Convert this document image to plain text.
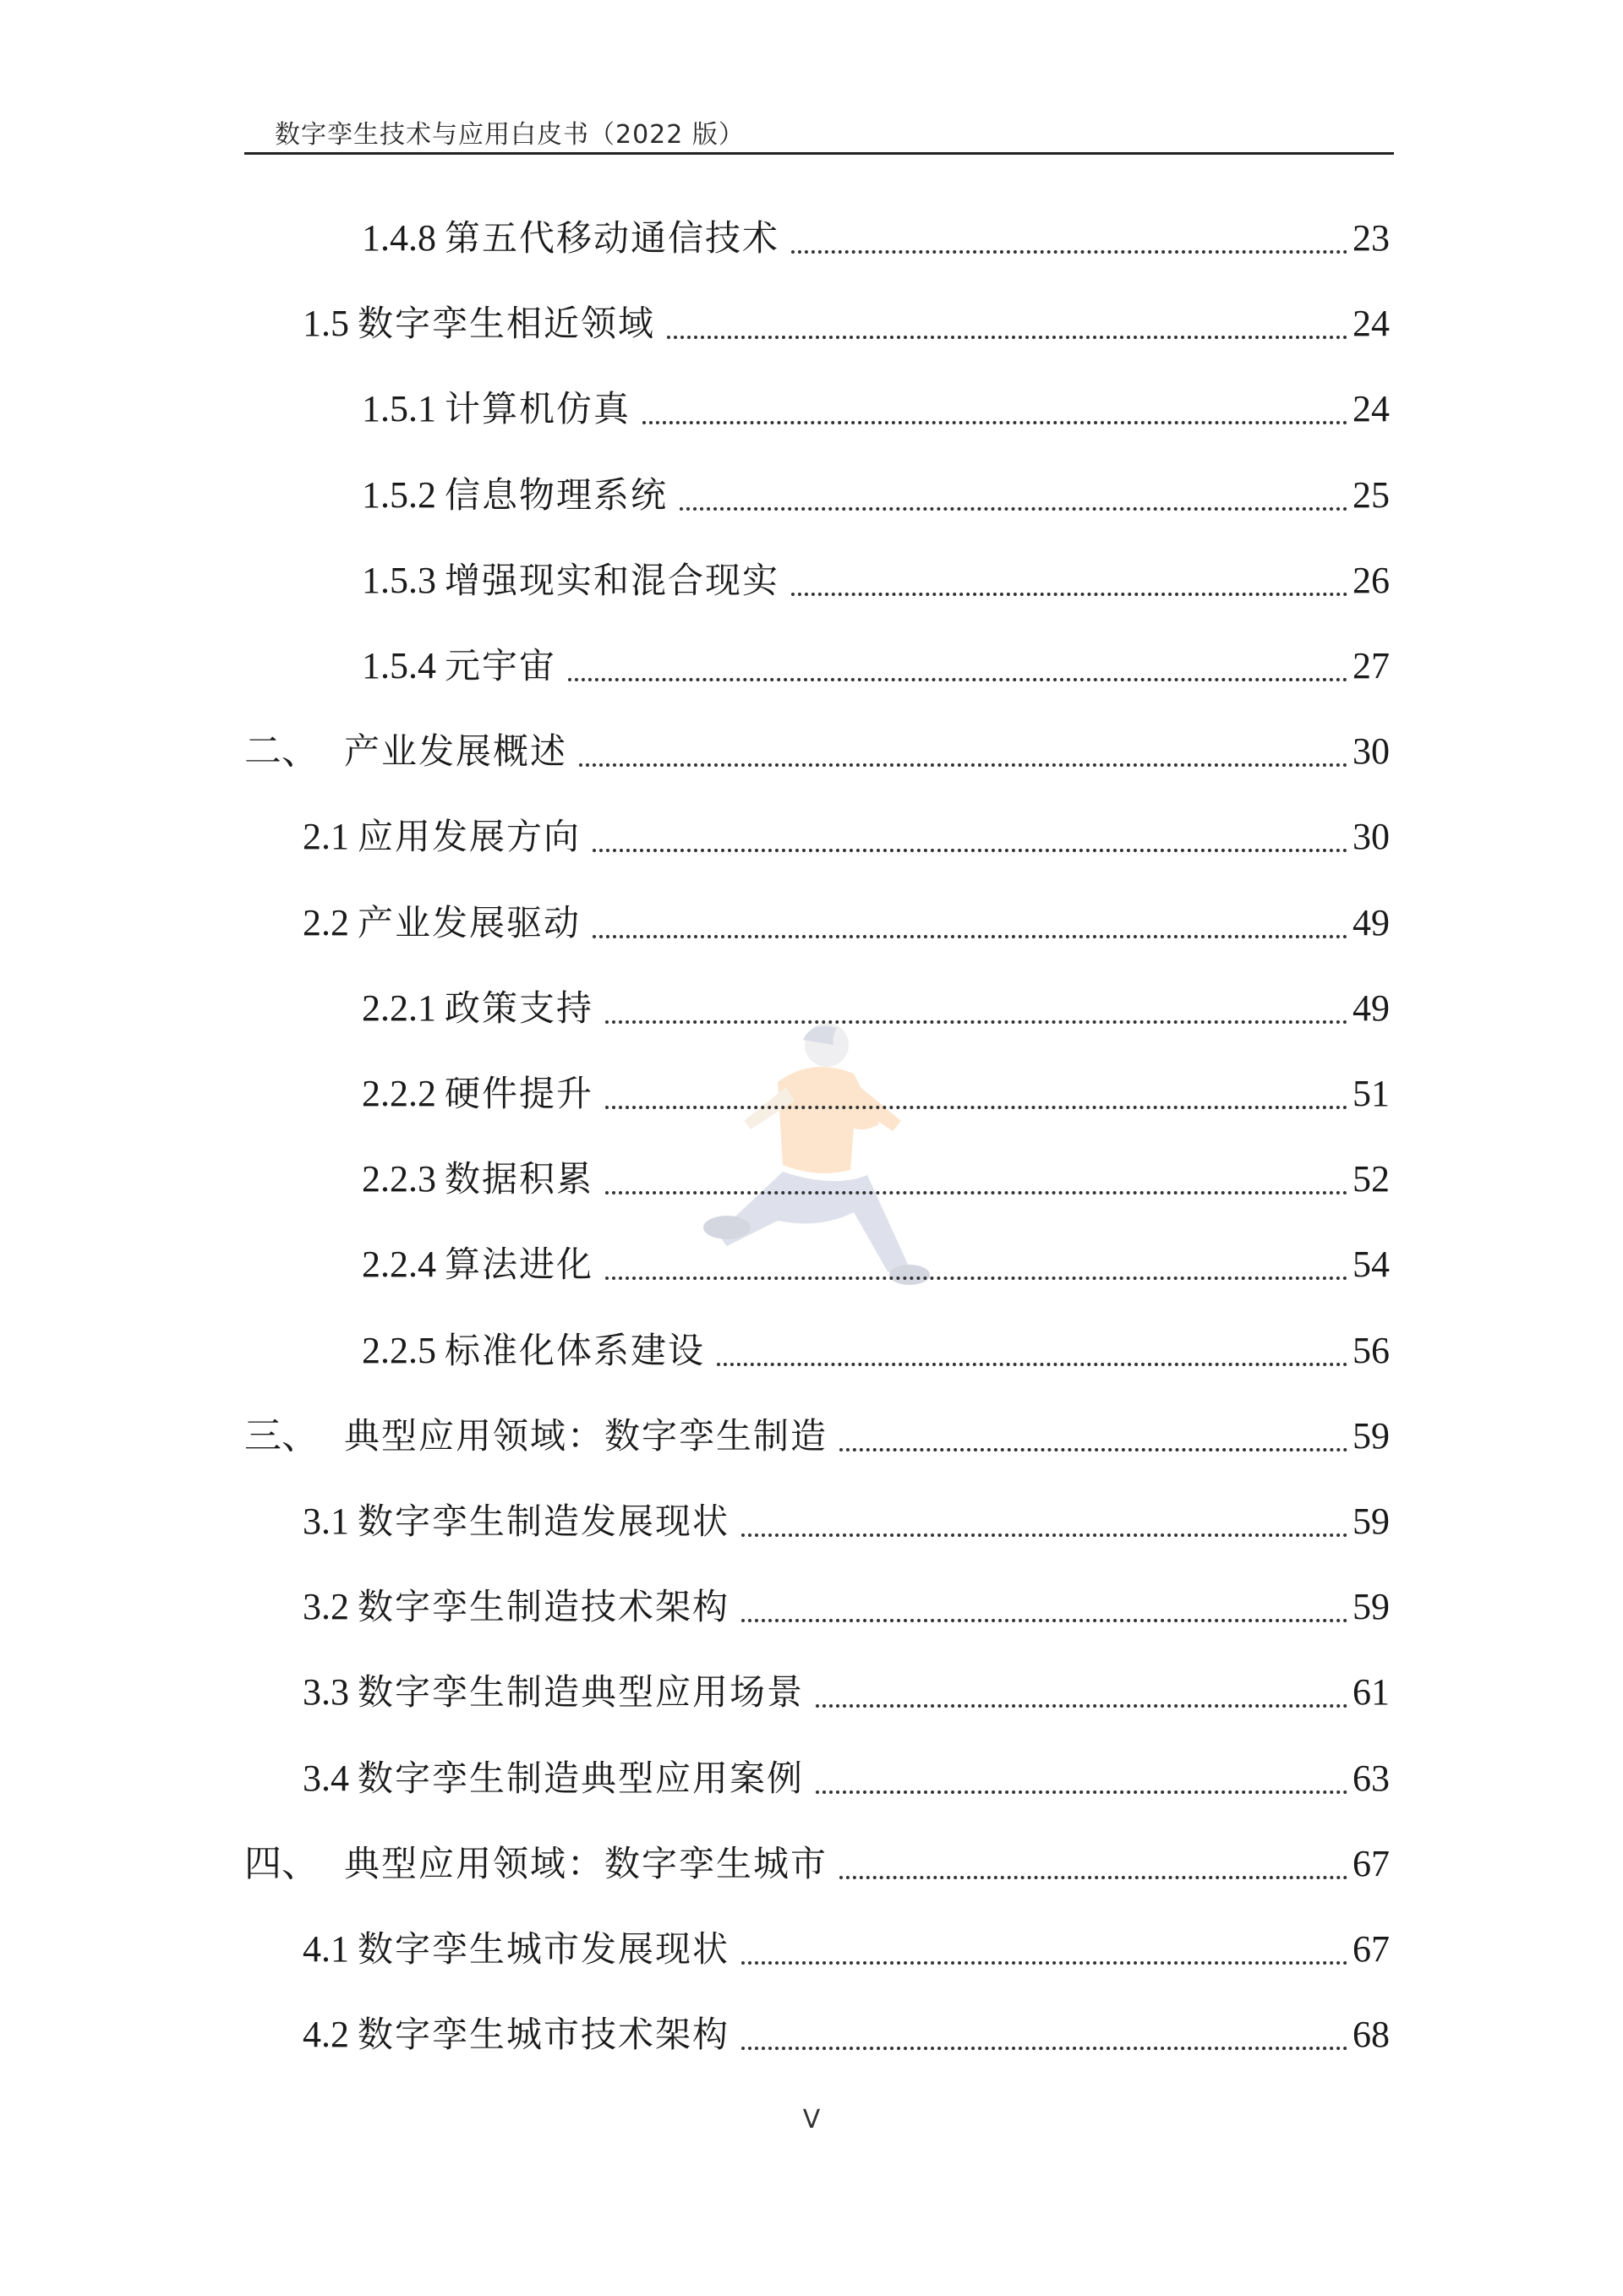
数字孪生技术与应用白皮书（2022 版）
1.4.8 第五代移动通信技术	23
1.5 数字孪生相近领域	24
1.5.1 计算机仿真	24
1.5.2 信息物理系统	25
1.5.3 增强现实和混合现实	26
1.5.4 元宇宙	27
二、 产业发展概述	30
2.1 应用发展方向	30
2.2 产业发展驱动	49
2.2.1 政策支持	49
2.2.2 硬件提升	51
2.2.3 数据积累	52
2.2.4 算法进化	54
2.2.5 标准化体系建设	56
三、 典型应用领域：数字孪生制造	59
3.1 数字孪生制造发展现状	59
3.2 数字孪生制造技术架构	59
3.3 数字孪生制造典型应用场景	61
3.4 数字孪生制造典型应用案例	63
四、 典型应用领域：数字孪生城市	67
4.1 数字孪生城市发展现状	67
4.2 数字孪生城市技术架构	68
V
